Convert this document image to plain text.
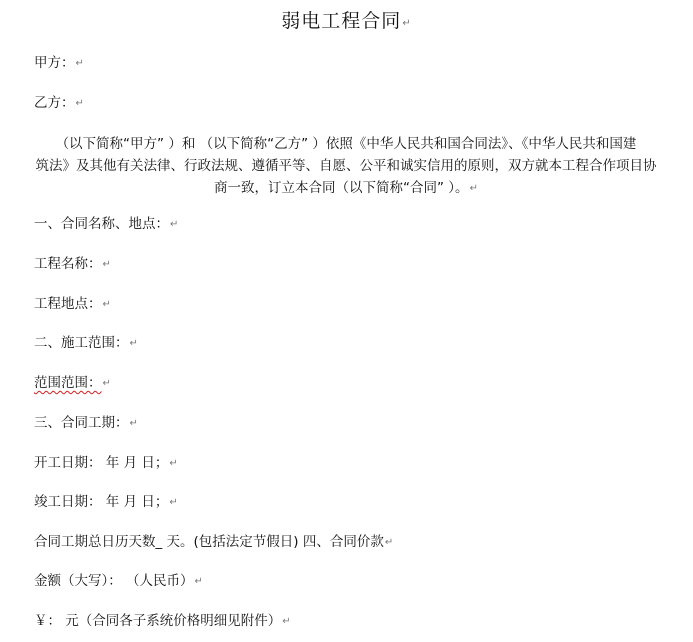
弱电工程合同↵
甲方：↵
乙方：↵
（以下简称“甲方” ）和 （以下简称“乙方” ）依照《中华人民共和国合同法》、《中华人民共和国建
筑法》及其他有关法律、行政法规、遵循平等、自愿、公平和诚实信用的原则，双方就本工程合作项目协
商一致，订立本合同（以下简称“合同” ）。↵
一、合同名称、地点：↵
工程名称：↵
工程地点：↵
二、施工范围：↵
范围范围：↵
三、合同工期：↵
开工日期： 年 月 日；↵
竣工日期： 年 月 日；↵
合同工期总日历天数_ 天。(包括法定节假日) 四、合同价款↵
金额（大写）： （人民币）↵
￥： 元（合同各子系统价格明细见附件）↵
